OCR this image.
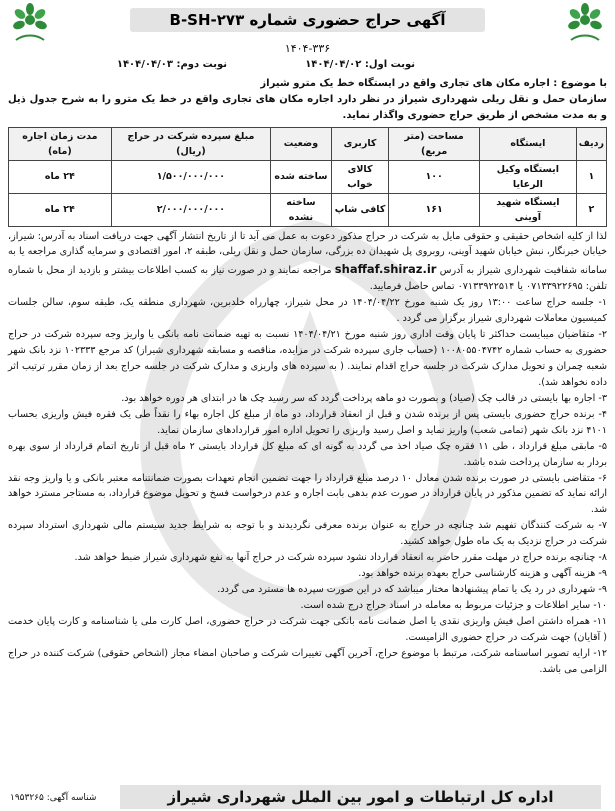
آگهی حراج حضوری شماره B-SH-۲۷۳
۱۴۰۴-۳۳۶
نوبت اول: ۱۴۰۴/۰۴/۰۲
نوبت دوم: ۱۴۰۴/۰۴/۰۳

با موضوع : اجاره مکان های تجاری واقع در ایستگاه خط یک مترو شیراز

سازمان حمل و نقل ریلی شهرداری شیراز در نظر دارد اجاره مکان های تجاری واقع در خط یک مترو را به شرح جدول ذیل و به مدت مشخص از طریق حراج حضوری واگذار نماید.

ردیف	ایستگاه	مساحت (متر مربع)	کاربری	وضعیت	مبلغ سپرده شرکت در حراج (ریال)	مدت زمان اجاره (ماه)
۱	ایستگاه وکیل الرعایا	۱۰۰	کالای خواب	ساخته شده	۱/۵۰۰/۰۰۰/۰۰۰	۲۴ ماه
۲	ایستگاه شهید آوینی	۱۶۱	کافی شاپ	ساخته نشده	۲/۰۰۰/۰۰۰/۰۰۰	۲۴ ماه

لذا از کلیه اشخاص حقیقی و حقوقی مایل به شرکت در حراج مذکور دعوت به عمل می آید تا از تاریخ انتشار آگهی جهت دریافت اسناد به آدرس: شیراز، خیابان خبرنگار، نبش خیابان شهید آوینی، روبروی پل شهیدان ده بزرگی، سازمان حمل و نقل ریلی، طبقه ۲، امور اقتصادی و سرمایه گذاری مراجعه یا به سامانه شفافیت شهرداری شیراز به آدرس shaffaf.shiraz.ir مراجعه نمایند و در صورت نیاز به کسب اطلاعات بیشتر و بازدید از محل با شماره تلفن: ۰۷۱۳۳۹۲۲۶۹۵ یا ۰۷۱۳۳۹۲۲۵۱۴ تماس حاصل فرمایید.

۱- جلسه حراج ساعت ۱۳:۰۰ روز یک شنبه مورخ ۱۴۰۴/۰۴/۲۲ در محل شیراز، چهارراه خلدبرین، شهرداری منطقه یک، طبقه سوم، سالن جلسات کمیسیون معاملات شهرداری شیراز برگزار می گردد .

۲- متقاضیان میبایست حداکثر تا پایان وقت اداری روز شنبه مورخ ۱۴۰۴/۰۴/۲۱ نسبت به تهیه ضمانت نامه بانکی یا واریز وجه سپرده شرکت در حراج حضوری به حساب شماره ۱۰۰۸۰۵۵۰۴۷۴۲ (حساب جاری سپرده شرکت در مزایده، مناقصه و مسابقه شهرداری شیراز) کد مرجع ۱۰۲۳۳۳ نزد بانک شهر شعبه چمران و تحویل مدارک شرکت در جلسه حراج اقدام نمایند. ( به سپرده های واریزی و مدارک شرکت در جلسه حراج بعد از زمان مقرر ترتیب اثر داده نخواهد شد).

۳- اجاره بها بایستی در قالب چک (صیاد) و بصورت دو ماهه پرداخت گردد که سر رسید چک ها در ابتدای هر دوره خواهد بود.

۴- برنده حراج حضوری بایستی پس از برنده شدن و قبل از انعقاد قرارداد، دو ماه از مبلغ کل اجاره بهاء را نقداً طی یک فقره فیش واریزی بحساب ۴۱۰۱ نزد بانک شهر (تمامی شعب) واریز نماید و اصل رسید واریزی را تحویل اداره امور قراردادهای سازمان نماید.

۵- مابقی مبلغ قرارداد ، طی ۱۱ فقره چک صیاد اخذ می گردد به گونه ای که مبلغ کل قرارداد بایستی ۲ ماه قبل از تاریخ اتمام قرارداد از سوی بهره بردار به سازمان پرداخت شده باشد.

۶- متقاضی بایستی در صورت برنده شدن معادل ۱۰ درصد مبلغ قرارداد را جهت تضمین انجام تعهدات بصورت ضمانتنامه معتبر بانکی و یا واریز وجه نقد ارائه نماید که تضمین مذکور در پایان قرارداد در صورت عدم بدهی بابت اجاره و عدم درخواست فسخ و تحویل موضوع قرارداد، به مستاجر مسترد خواهد شد.

۷- به شرکت کنندگان تفهیم شد چنانچه در حراج به عنوان برنده معرفی نگردیدند و با توجه به شرایط جدید سیستم مالی شهرداری استرداد سپرده شرکت در حراج نزدیک به یک ماه طول خواهد کشید.

۸- چنانچه برنده حراج در مهلت مقرر حاضر به انعقاد قرارداد نشود سپرده شرکت در حراج آنها به نفع شهرداری شیراز ضبط خواهد شد.

۹- هزینه آگهی و هزینه کارشناسی حراج بعهده برنده خواهد بود.

۹- شهرداری در رد یک یا تمام پیشنهادها مختار میباشد که در این صورت سپرده ها مسترد می گردد.

۱۰- سایر اطلاعات و جزئیات مربوط به معامله در اسناد حراج درج شده است.

۱۱- همراه داشتن اصل فیش واریزی نقدی یا اصل ضمانت نامه بانکی جهت شرکت در حراج حضوری، اصل کارت ملی یا شناسنامه و کارت پایان خدمت ( آقایان) جهت شرکت در حراج حضوری الزامیست.

۱۲- ارایه تصویر اساسنامه شرکت، مرتبط با موضوع حراج، آخرین آگهی تغییرات شرکت و صاحبان امضاء مجاز (اشخاص حقوقی) شرکت کننده در حراج الزامی می باشد.

اداره کل ارتباطات و امور بین الملل شهرداری شیراز
شناسه آگهی: ۱۹۵۳۲۶۵
